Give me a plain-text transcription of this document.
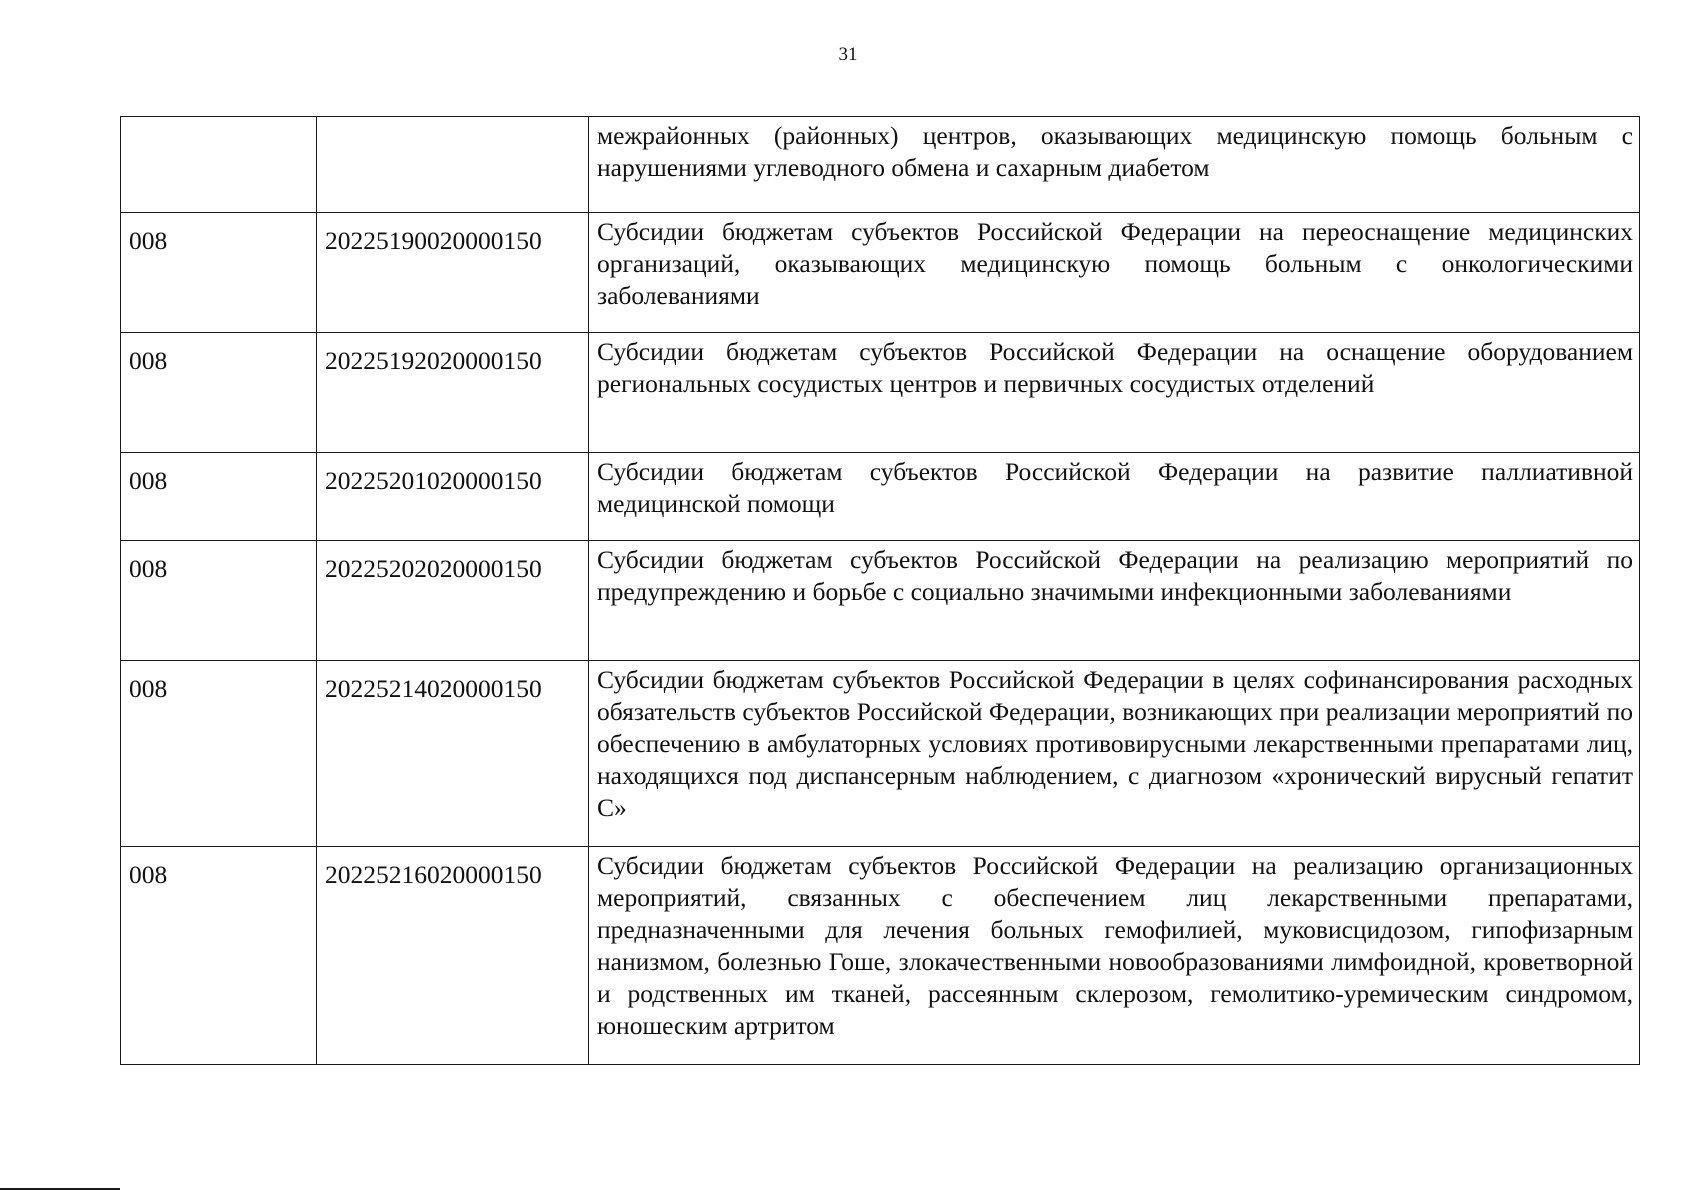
31
		межрайонных (районных) центров, оказывающих медицинскую помощь больным с нарушениями углеводного обмена и сахарным диабетом
008	20225190020000150	Субсидии бюджетам субъектов Российской Федерации на переоснащение медицинских организаций, оказывающих медицинскую помощь больным с онкологическими заболеваниями
008	20225192020000150	Субсидии бюджетам субъектов Российской Федерации на оснащение оборудованием региональных сосудистых центров и первичных сосудистых отделений
008	20225201020000150	Субсидии бюджетам субъектов Российской Федерации на развитие паллиативной медицинской помощи
008	20225202020000150	Субсидии бюджетам субъектов Российской Федерации на реализацию мероприятий по предупреждению и борьбе с социально значимыми инфекционными заболеваниями
008	20225214020000150	Субсидии бюджетам субъектов Российской Федерации в целях софинансирования расходных обязательств субъектов Российской Федерации, возникающих при реализации мероприятий по обеспечению в амбулаторных условиях противовирусными лекарственными препаратами лиц, находящихся под диспансерным наблюдением, с диагнозом «хронический вирусный гепатит С»
008	20225216020000150	Субсидии бюджетам субъектов Российской Федерации на реализацию организационных мероприятий, связанных с обеспечением лиц лекарственными препаратами, предназначенными для лечения больных гемофилией, муковисцидозом, гипофизарным нанизмом, болезнью Гоше, злокачественными новообразованиями лимфоидной, кроветворной и родственных им тканей, рассеянным склерозом, гемолитико-уремическим синдромом, юношеским артритом
